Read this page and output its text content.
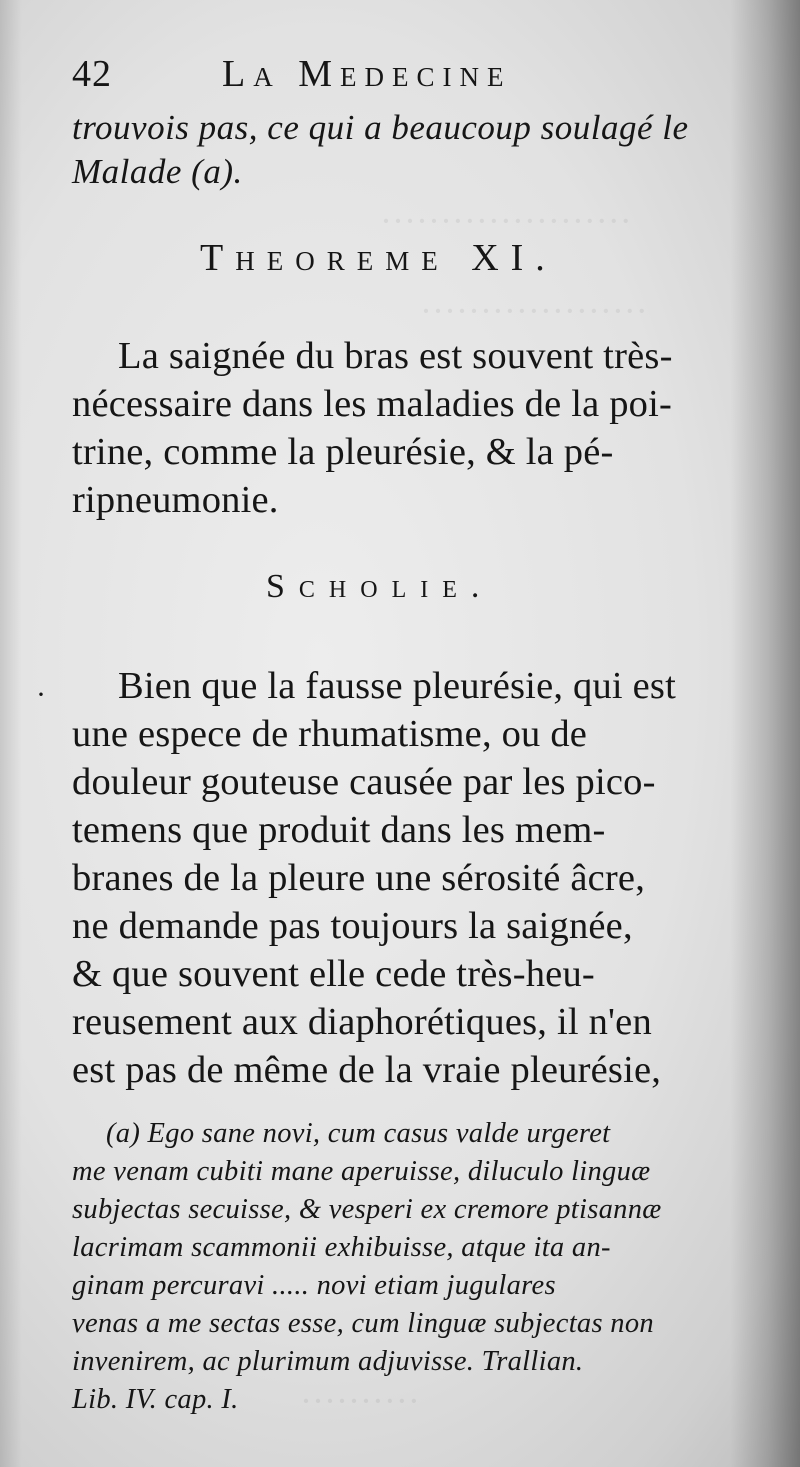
·····················
···················
··········
42	La Medecine
trouvois pas, ce qui a beaucoup soulagé le
Malade (a).
Theoreme XI.
La saignée du bras est souvent très-
nécessaire dans les maladies de la poi-
trine, comme la pleurésie, & la pé-
ripneumonie.
Scholie.
· Bien que la fausse pleurésie, qui est
une espece de rhumatisme, ou de
douleur gouteuse causée par les pico-
temens que produit dans les mem-
branes de la pleure une sérosité âcre,
ne demande pas toujours la saignée,
& que souvent elle cede très-heu-
reusement aux diaphorétiques, il n'en
est pas de même de la vraie pleurésie,
(a) Ego sane novi, cum casus valde urgeret
me venam cubiti mane aperuisse, diluculo linguæ
subjectas secuisse, & vesperi ex cremore ptisannæ
lacrimam scammonii exhibuisse, atque ita an-
ginam percuravi ..... novi etiam jugulares
venas a me sectas esse, cum linguæ subjectas non
invenirem, ac plurimum adjuvisse. Trallian.
Lib. IV. cap. I.
